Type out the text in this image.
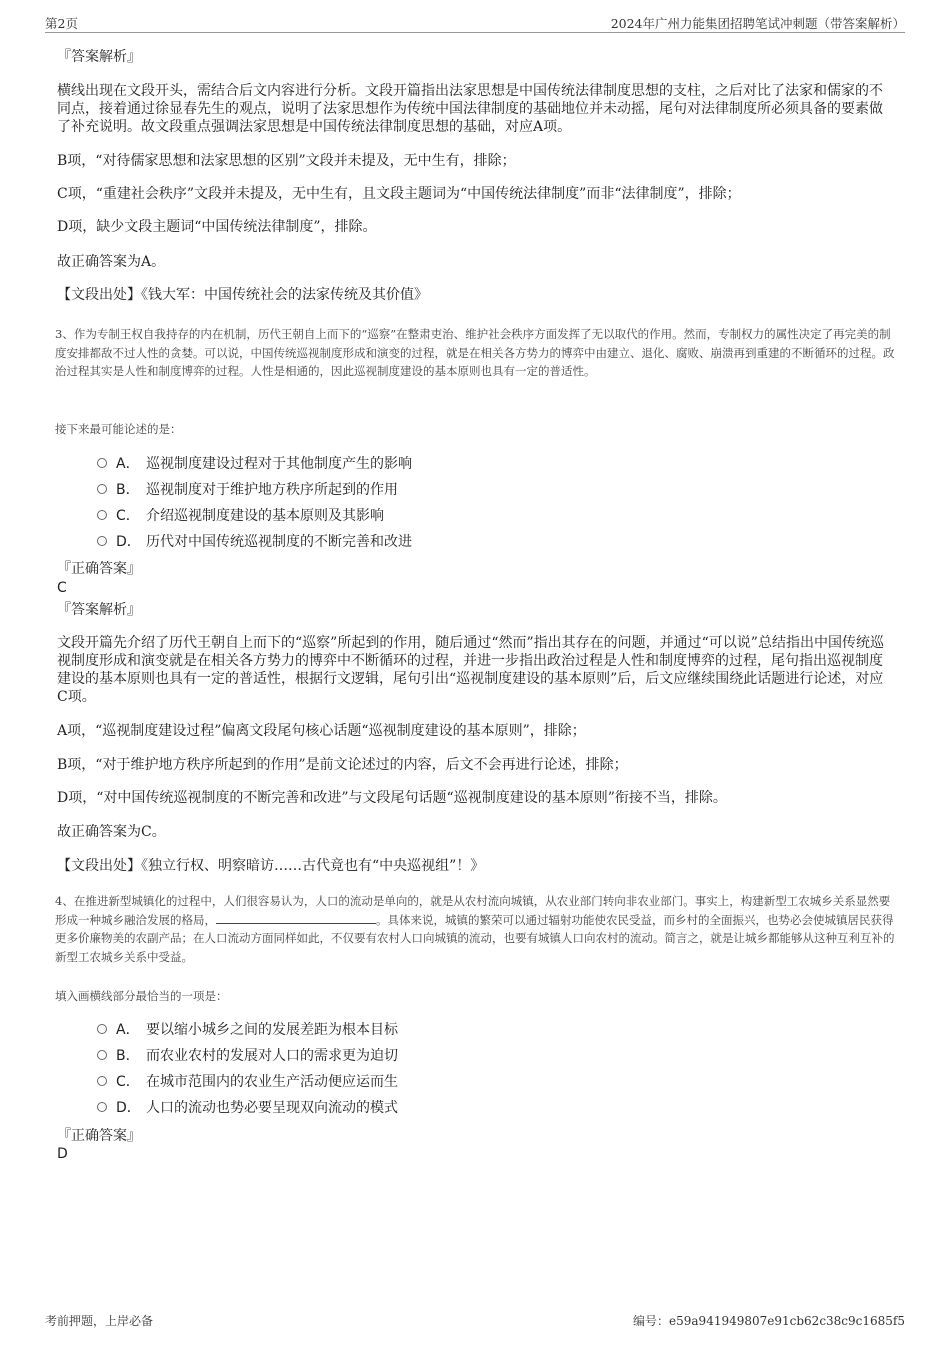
第2页	2024年广州力能集团招聘笔试冲刺题（带答案解析）
『答案解析』
横线出现在文段开头，需结合后文内容进行分析。文段开篇指出法家思想是中国传统法律制度思想的支柱，之后对比了法家和儒家的不同点，接着通过徐显春先生的观点，说明了法家思想作为传统中国法律制度的基础地位并未动摇，尾句对法律制度所必须具备的要素做了补充说明。故文段重点强调法家思想是中国传统法律制度思想的基础，对应A项。
B项，“对待儒家思想和法家思想的区别”文段并未提及，无中生有，排除；
C项，“重建社会秩序”文段并未提及，无中生有，且文段主题词为“中国传统法律制度”而非“法律制度”，排除；
D项，缺少文段主题词“中国传统法律制度”，排除。
故正确答案为A。
【文段出处】《钱大军：中国传统社会的法家传统及其价值》
3、作为专制王权自我持存的内在机制，历代王朝自上而下的“巡察”在整肃吏治、维护社会秩序方面发挥了无以取代的作用。然而，专制权力的属性决定了再完美的制度安排都敌不过人性的贪婪。可以说，中国传统巡视制度形成和演变的过程，就是在相关各方势力的博弈中由建立、退化、腐败、崩溃再到重建的不断循环的过程。政治过程其实是人性和制度博弈的过程。人性是相通的，因此巡视制度建设的基本原则也具有一定的普适性。
接下来最可能论述的是：
A． 巡视制度建设过程对于其他制度产生的影响
B． 巡视制度对于维护地方秩序所起到的作用
C． 介绍巡视制度建设的基本原则及其影响
D． 历代对中国传统巡视制度的不断完善和改进
『正确答案』
C
『答案解析』
文段开篇先介绍了历代王朝自上而下的“巡察”所起到的作用，随后通过“然而”指出其存在的问题，并通过“可以说”总结指出中国传统巡视制度形成和演变就是在相关各方势力的博弈中不断循环的过程，并进一步指出政治过程是人性和制度博弈的过程，尾句指出巡视制度建设的基本原则也具有一定的普适性，根据行文逻辑，尾句引出“巡视制度建设的基本原则”后，后文应继续围绕此话题进行论述，对应C项。
A项，“巡视制度建设过程”偏离文段尾句核心话题“巡视制度建设的基本原则”，排除；
B项，“对于维护地方秩序所起到的作用”是前文论述过的内容，后文不会再进行论述，排除；
D项，“对中国传统巡视制度的不断完善和改进”与文段尾句话题“巡视制度建设的基本原则”衔接不当，排除。
故正确答案为C。
【文段出处】《独立行权、明察暗访……古代竟也有“中央巡视组”！》
4、在推进新型城镇化的过程中，人们很容易认为，人口的流动是单向的，就是从农村流向城镇，从农业部门转向非农业部门。事实上，构建新型工农城乡关系显然要形成一种城乡融洽发展的格局，	。具体来说，城镇的繁荣可以通过辐射功能使农民受益，而乡村的全面振兴，也势必会使城镇居民获得更多价廉物美的农副产品；在人口流动方面同样如此，不仅要有农村人口向城镇的流动，也要有城镇人口向农村的流动。简言之，就是让城乡都能够从这种互利互补的新型工农城乡关系中受益。
填入画横线部分最恰当的一项是：
A． 要以缩小城乡之间的发展差距为根本目标
B． 而农业农村的发展对人口的需求更为迫切
C． 在城市范围内的农业生产活动便应运而生
D． 人口的流动也势必要呈现双向流动的模式
『正确答案』
D
考前押题，上岸必备	编号：e59a941949807e91cb62c38c9c1685f5
